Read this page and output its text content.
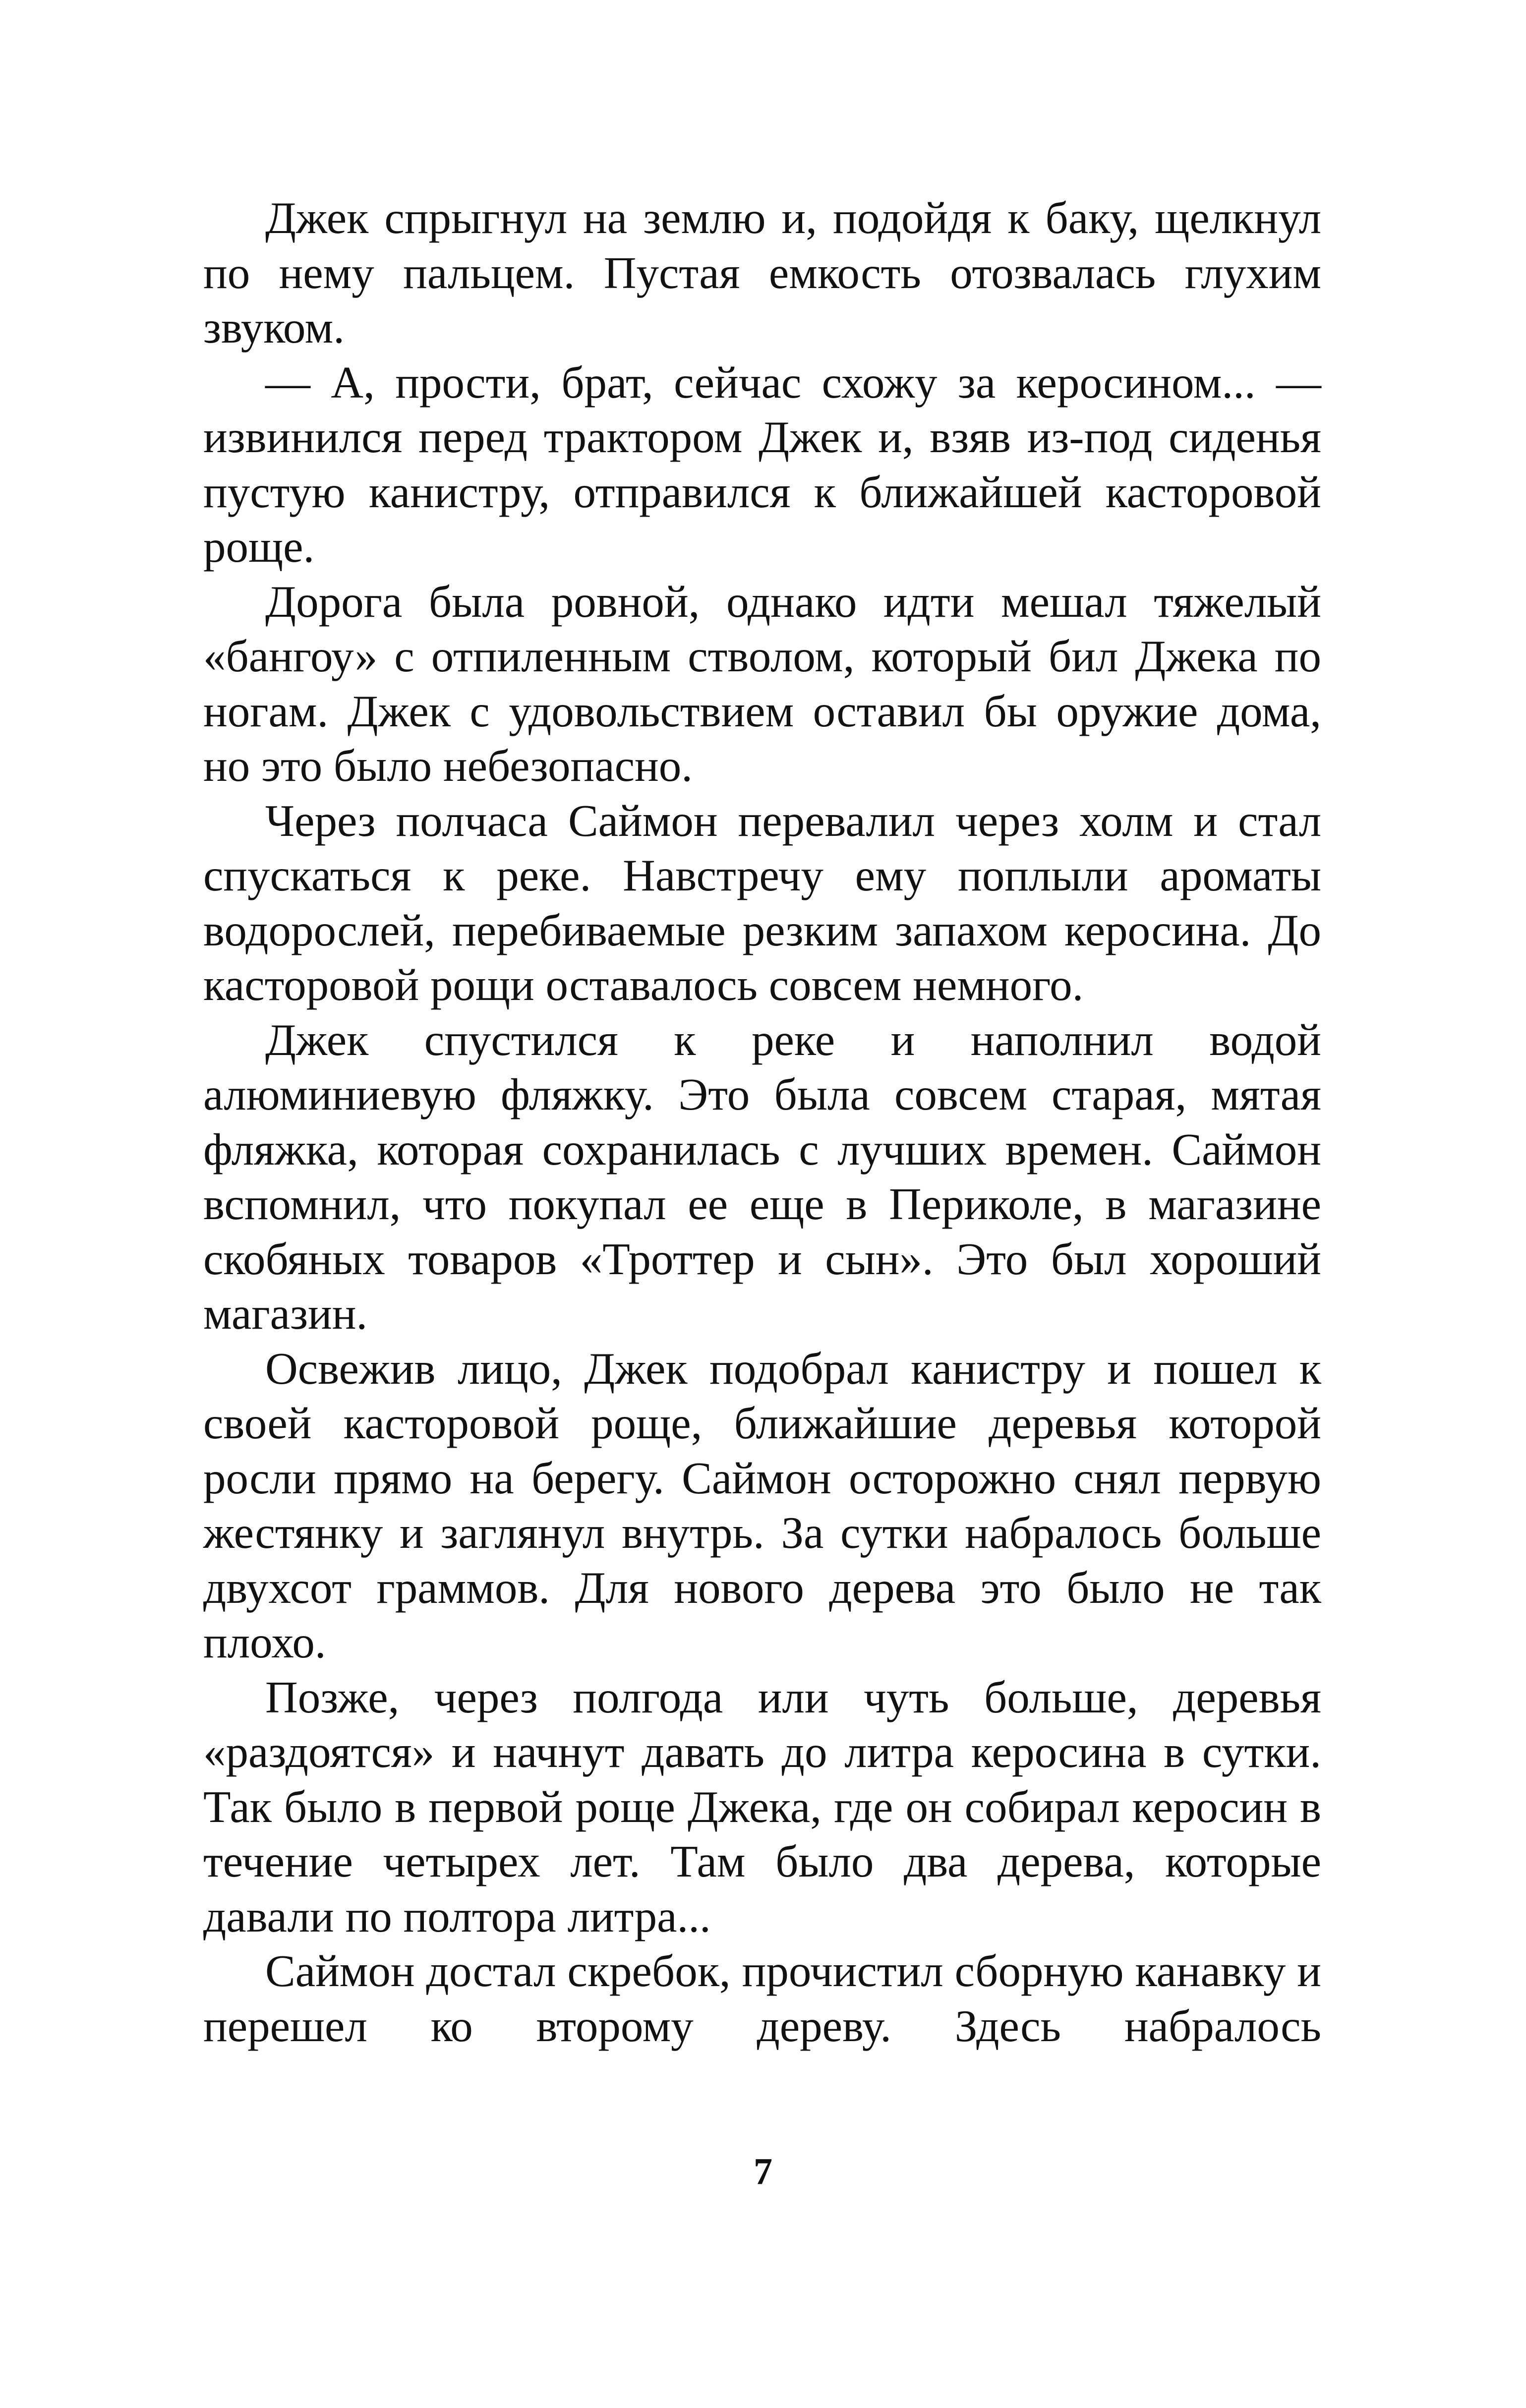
Джек спрыгнул на землю и, подойдя к баку, щелкнул по нему пальцем. Пустая емкость отозвалась глухим звуком.

— А, прости, брат, сейчас схожу за керосином... — извинился перед трактором Джек и, взяв из-под сиденья пустую канистру, отправился к ближайшей касторовой роще.

Дорога была ровной, однако идти мешал тяжелый «бангоу» с отпиленным стволом, который бил Джека по ногам. Джек с удовольствием оставил бы оружие дома, но это было небезопасно.

Через полчаса Саймон перевалил через холм и стал спускаться к реке. Навстречу ему поплыли ароматы водорослей, перебиваемые резким запахом керосина. До касторовой рощи оставалось совсем немного.

Джек спустился к реке и наполнил водой алюминиевую фляжку. Это была совсем старая, мятая фляжка, которая сохранилась с лучших времен. Саймон вспомнил, что покупал ее еще в Периколе, в магазине скобяных товаров «Троттер и сын». Это был хороший магазин.

Освежив лицо, Джек подобрал канистру и пошел к своей касторовой роще, ближайшие деревья которой росли прямо на берегу. Саймон осторожно снял первую жестянку и заглянул внутрь. За сутки набралось больше двухсот граммов. Для нового дерева это было не так плохо.

Позже, через полгода или чуть больше, деревья «раздоятся» и начнут давать до литра керосина в сутки. Так было в первой роще Джека, где он собирал керосин в течение четырех лет. Там было два дерева, которые давали по полтора литра...

Саймон достал скребок, прочистил сборную канавку и перешел ко второму дереву. Здесь набралось

7
